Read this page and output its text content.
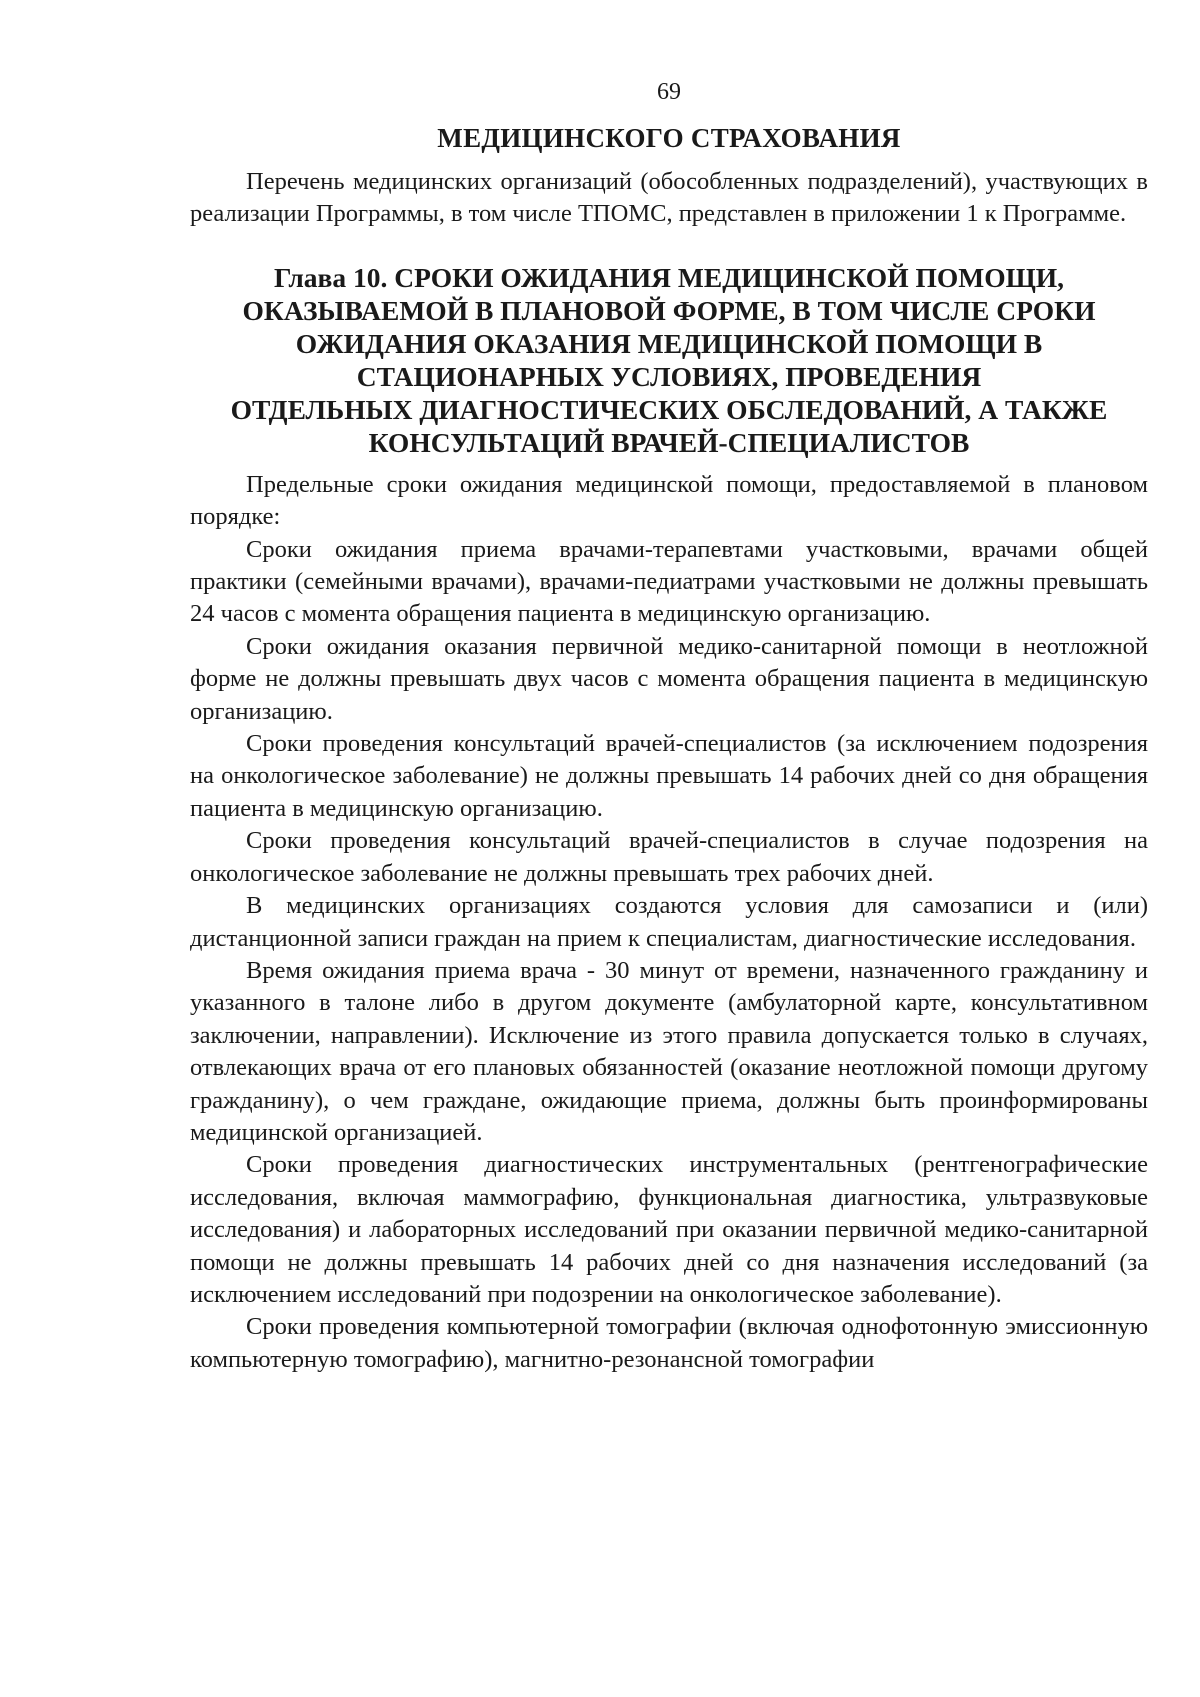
69
МЕДИЦИНСКОГО СТРАХОВАНИЯ

Перечень медицинских организаций (обособленных подразделений), участвующих в реализации Программы, в том числе ТПОМС, представлен в приложении 1 к Программе.

Глава 10. СРОКИ ОЖИДАНИЯ МЕДИЦИНСКОЙ ПОМОЩИ,
ОКАЗЫВАЕМОЙ В ПЛАНОВОЙ ФОРМЕ, В ТОМ ЧИСЛЕ СРОКИ
ОЖИДАНИЯ ОКАЗАНИЯ МЕДИЦИНСКОЙ ПОМОЩИ В
СТАЦИОНАРНЫХ УСЛОВИЯХ, ПРОВЕДЕНИЯ
ОТДЕЛЬНЫХ ДИАГНОСТИЧЕСКИХ ОБСЛЕДОВАНИЙ, А ТАКЖЕ
КОНСУЛЬТАЦИЙ ВРАЧЕЙ-СПЕЦИАЛИСТОВ

Предельные сроки ожидания медицинской помощи, предоставляемой в плановом порядке:

Сроки ожидания приема врачами-терапевтами участковыми, врачами общей практики (семейными врачами), врачами-педиатрами участковыми не должны превышать 24 часов с момента обращения пациента в медицинскую организацию.

Сроки ожидания оказания первичной медико-санитарной помощи в неотложной форме не должны превышать двух часов с момента обращения пациента в медицинскую организацию.

Сроки проведения консультаций врачей-специалистов (за исключением подозрения на онкологическое заболевание) не должны превышать 14 рабочих дней со дня обращения пациента в медицинскую организацию.

Сроки проведения консультаций врачей-специалистов в случае подозрения на онкологическое заболевание не должны превышать трех рабочих дней.

В медицинских организациях создаются условия для самозаписи и (или) дистанционной записи граждан на прием к специалистам, диагностические исследования.

Время ожидания приема врача - 30 минут от времени, назначенного гражданину и указанного в талоне либо в другом документе (амбулаторной карте, консультативном заключении, направлении). Исключение из этого правила допускается только в случаях, отвлекающих врача от его плановых обязанностей (оказание неотложной помощи другому гражданину), о чем граждане, ожидающие приема, должны быть проинформированы медицинской организацией.

Сроки проведения диагностических инструментальных (рентгенографические исследования, включая маммографию, функциональная диагностика, ультразвуковые исследования) и лабораторных исследований при оказании первичной медико-санитарной помощи не должны превышать 14 рабочих дней со дня назначения исследований (за исключением исследований при подозрении на онкологическое заболевание).

Сроки проведения компьютерной томографии (включая однофотонную эмиссионную компьютерную томографию), магнитно-резонансной томографии
